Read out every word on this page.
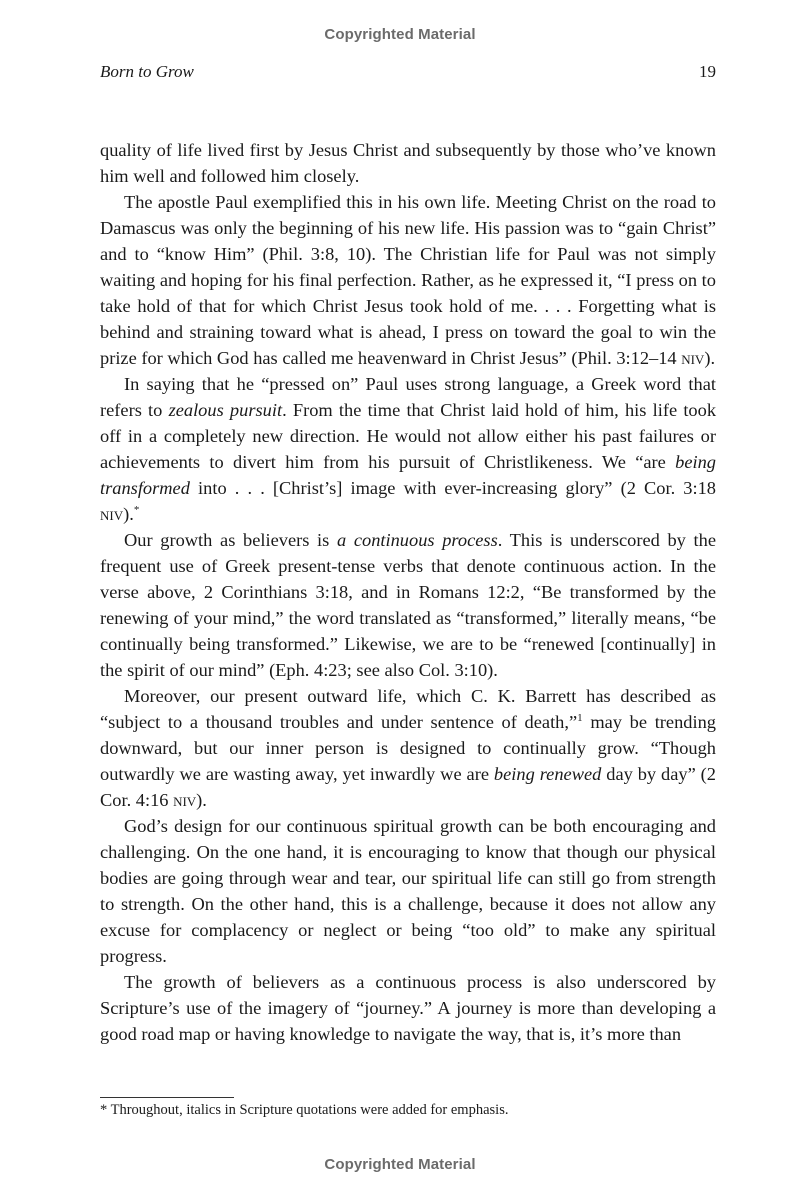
Copyrighted Material
Born to Grow	19

quality of life lived first by Jesus Christ and subsequently by those who’ve known him well and followed him closely.

The apostle Paul exemplified this in his own life. Meeting Christ on the road to Damascus was only the beginning of his new life. His passion was to “gain Christ” and to “know Him” (Phil. 3:8, 10). The Christian life for Paul was not simply waiting and hoping for his final perfection. Rather, as he expressed it, “I press on to take hold of that for which Christ Jesus took hold of me. . . . Forgetting what is behind and straining toward what is ahead, I press on toward the goal to win the prize for which God has called me heavenward in Christ Jesus” (Phil. 3:12–14 niv).

In saying that he “pressed on” Paul uses strong language, a Greek word that refers to zealous pursuit. From the time that Christ laid hold of him, his life took off in a completely new direction. He would not allow either his past failures or achievements to divert him from his pursuit of Christlikeness. We “are being transformed into . . . [Christ’s] image with ever-increasing glory” (2 Cor. 3:18 niv).*

Our growth as believers is a continuous process. This is underscored by the frequent use of Greek present-tense verbs that denote continuous action. In the verse above, 2 Corinthians 3:18, and in Romans 12:2, “Be transformed by the renewing of your mind,” the word translated as “transformed,” literally means, “be continually being transformed.” Likewise, we are to be “renewed [continually] in the spirit of our mind” (Eph. 4:23; see also Col. 3:10).

Moreover, our present outward life, which C. K. Barrett has described as “subject to a thousand troubles and under sentence of death,”$^1$ may be trending downward, but our inner person is designed to continually grow. “Though outwardly we are wasting away, yet inwardly we are being renewed day by day” (2 Cor. 4:16 niv).

God’s design for our continuous spiritual growth can be both encouraging and challenging. On the one hand, it is encouraging to know that though our physical bodies are going through wear and tear, our spiritual life can still go from strength to strength. On the other hand, this is a challenge, because it does not allow any excuse for complacency or neglect or being “too old” to make any spiritual progress.

The growth of believers as a continuous process is also underscored by Scripture’s use of the imagery of “journey.” A journey is more than developing a good road map or having knowledge to navigate the way, that is, it’s more than

* Throughout, italics in Scripture quotations were added for emphasis.
Copyrighted Material
